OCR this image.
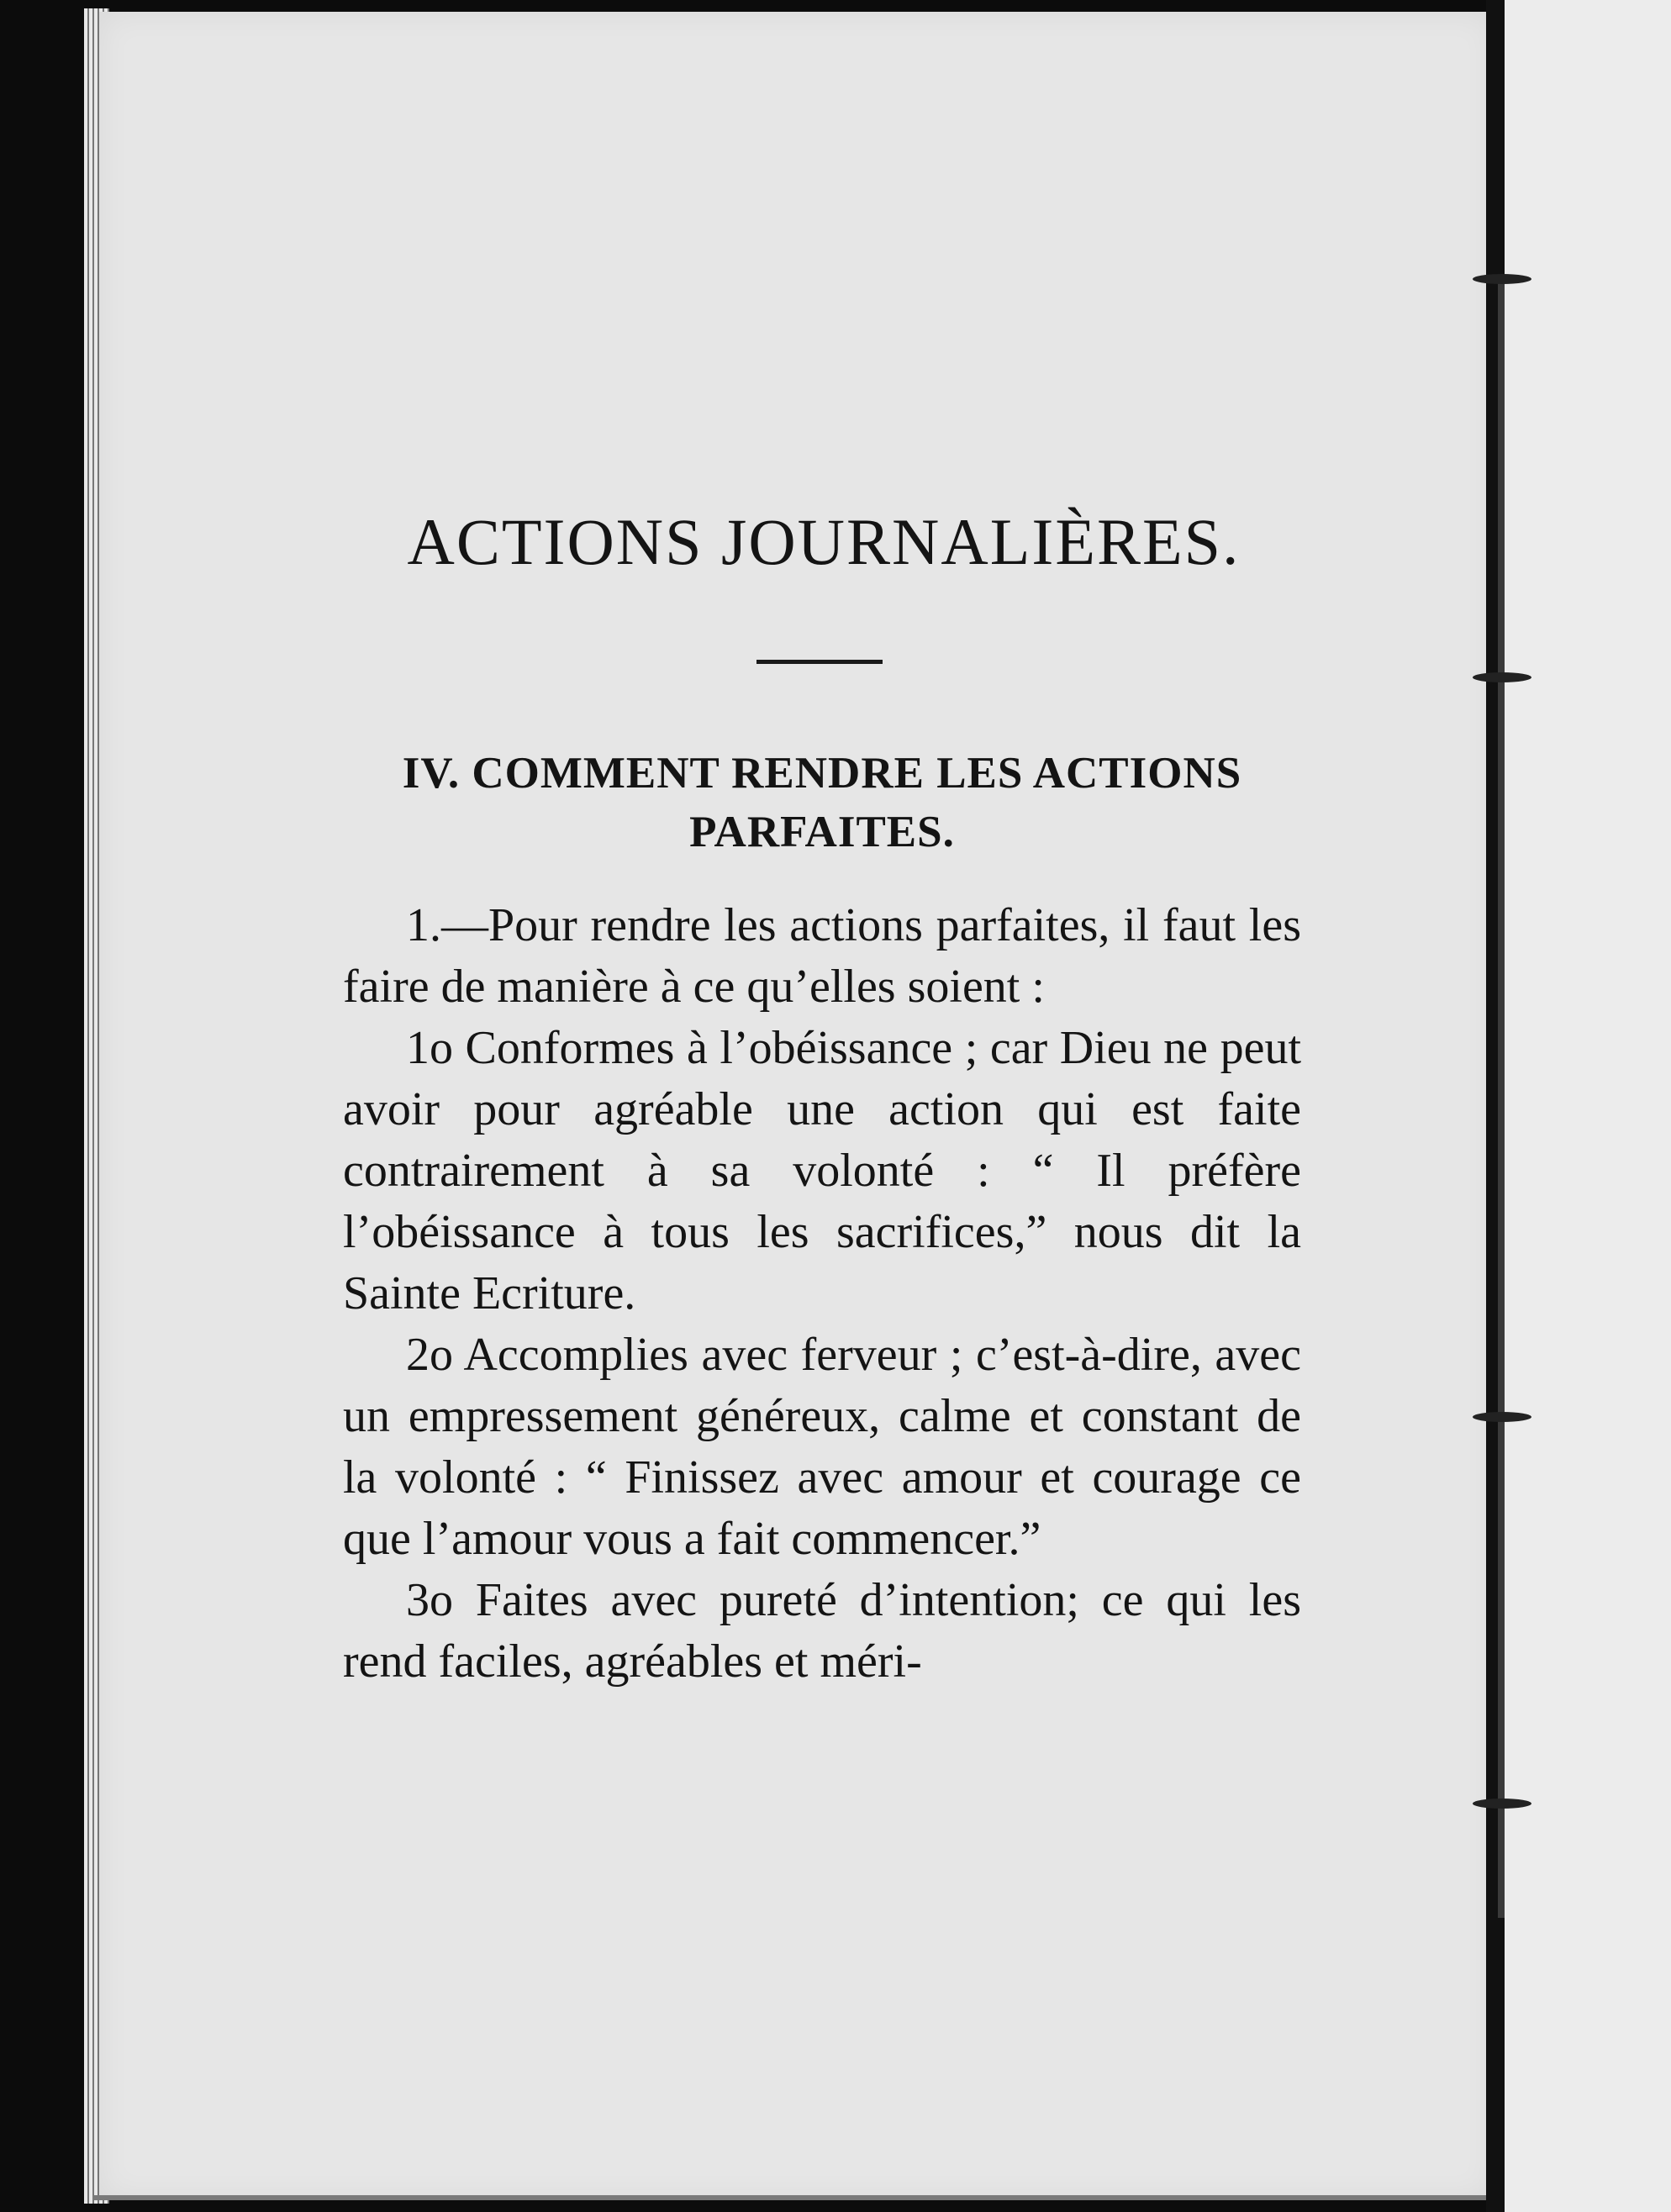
ACTIONS JOURNALIÈRES.
IV. COMMENT RENDRE LES ACTIONS PARFAITES.

1.—Pour rendre les actions parfaites, il faut les faire de manière à ce qu’elles soient :

1o Conformes à l’obéissance ; car Dieu ne peut avoir pour agréable une action qui est faite contrairement à sa volonté : “ Il préfère l’obéissance à tous les sacrifices,” nous dit la Sainte Ecriture.

2o Accomplies avec ferveur ; c’est-à-dire, avec un empressement généreux, calme et constant de la volonté : “ Finissez avec amour et courage ce que l’amour vous a fait commencer.”

3o Faites avec pureté d’intention; ce qui les rend faciles, agréables et méri-
